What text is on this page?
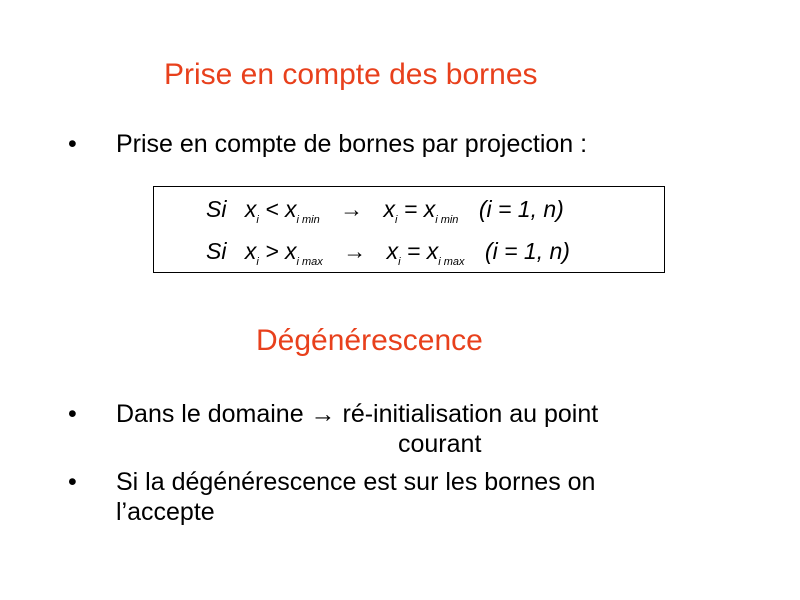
Prise en compte des bornes
• Prise en compte de bornes par projection :
Si $x_i < x_{i min} \to x_i = x_{i min}$ (i = 1, n)
Si $x_i > x_{i max} \to x_i = x_{i max}$ (i = 1, n)
Dégénérescence
• Dans le domaine → ré-initialisation au point
courant
• Si la dégénérescence est sur les bornes on
l’accepte
